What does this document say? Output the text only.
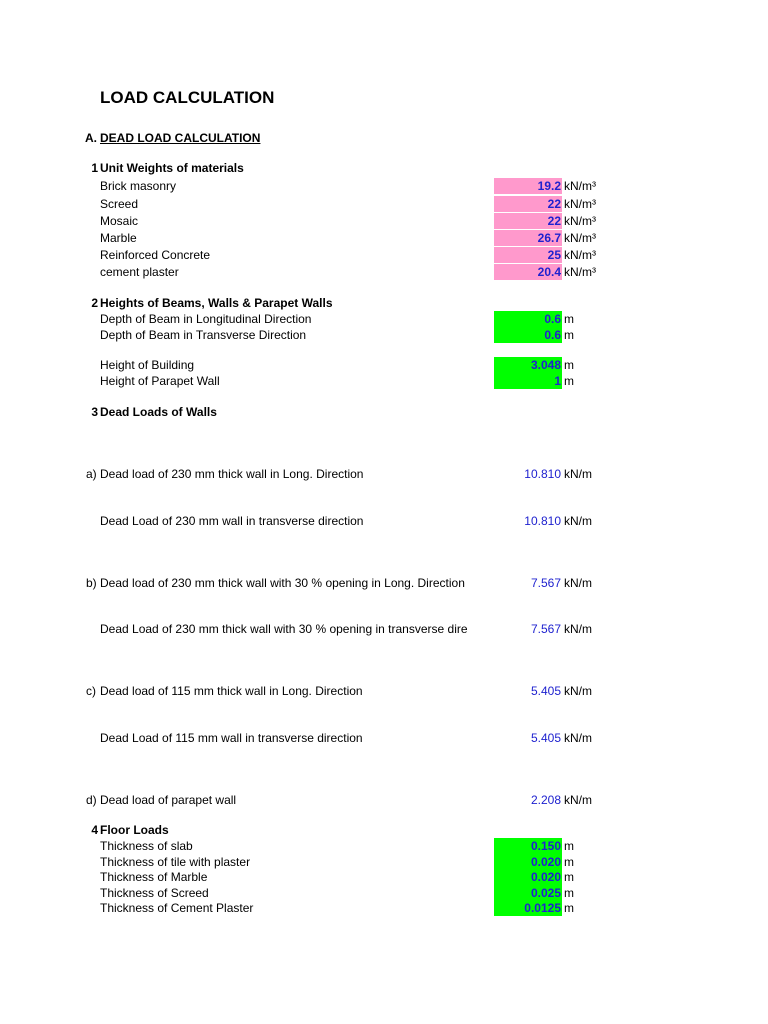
LOAD CALCULATION
A. DEAD LOAD CALCULATION
1 Unit Weights of materials
Brick masonry	19.2 kN/m³
Screed	22 kN/m³
Mosaic	22 kN/m³
Marble	26.7 kN/m³
Reinforced Concrete	25 kN/m³
cement plaster	20.4 kN/m³
2 Heights of Beams, Walls & Parapet Walls
Depth of Beam in Longitudinal Direction	0.6 m
Depth of Beam in Transverse Direction	0.6 m
Height of Building	3.048 m
Height of Parapet Wall	1 m
3 Dead Loads of Walls
a) Dead load of 230 mm thick wall in Long. Direction	10.810 kN/m
Dead Load of 230 mm wall in transverse direction	10.810 kN/m
b) Dead load of 230 mm thick wall with 30 % opening in Long. Direction	7.567 kN/m
Dead Load of 230 mm thick wall with 30 % opening in transverse dire	7.567 kN/m
c) Dead load of 115 mm thick wall in Long. Direction	5.405 kN/m
Dead Load of 115 mm wall in transverse direction	5.405 kN/m
d) Dead load of parapet wall	2.208 kN/m
4 Floor Loads
Thickness of slab	0.150 m
Thickness of tile with plaster	0.020 m
Thickness of Marble	0.020 m
Thickness of Screed	0.025 m
Thickness of Cement Plaster	0.0125 m
